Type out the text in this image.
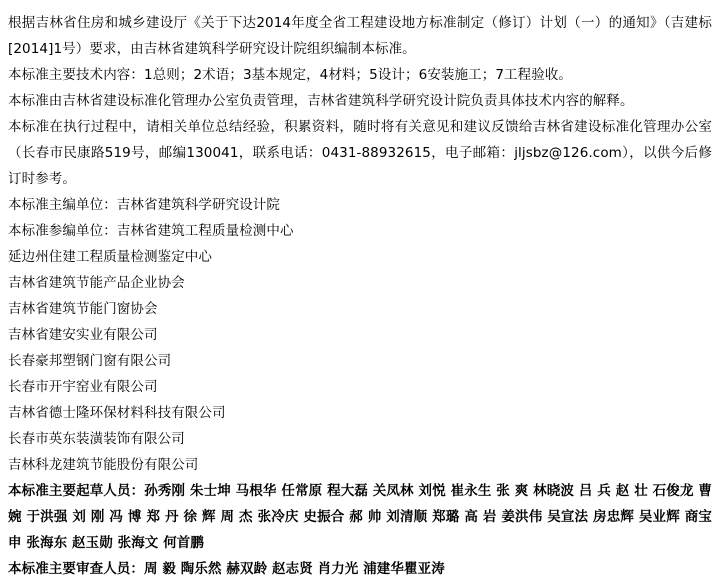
根据吉林省住房和城乡建设厅《关于下达2014年度全省工程建设地方标准制定（修订）计划（一）的通知》（吉建标[2014]1号）要求，由吉林省建筑科学研究设计院组织编制本标准。

本标准主要技术内容：1总则；2术语；3基本规定，4材料；5设计；6安装施工；7工程验收。

本标准由吉林省建设标准化管理办公室负责管理，吉林省建筑科学研究设计院负责具体技术内容的解释。

本标准在执行过程中，请相关单位总结经验，积累资料，随时将有关意见和建议反馈给吉林省建设标准化管理办公室（长春市民康路519号，邮编130041，联系电话：0431-88932615，电子邮箱：jljsbz@126.com），以供今后修订时参考。

本标准主编单位：吉林省建筑科学研究设计院

本标准参编单位：吉林省建筑工程质量检测中心

延边州住建工程质量检测鉴定中心

吉林省建筑节能产品企业协会

吉林省建筑节能门窗协会

吉林省建安实业有限公司

长春豪邦塑钢门窗有限公司

长春市开宇窑业有限公司

吉林省德士隆环保材料科技有限公司

长春市英东装潢装饰有限公司

吉林科龙建筑节能股份有限公司

本标准主要起草人员：孙秀刚 朱士坤 马根华 任常原 程大磊 关凤林 刘悦 崔永生 张 爽 林晓波 吕 兵 赵 壮 石俊龙 曹婉 于洪强 刘 刚 冯 博 郑 丹 徐 辉 周 杰 张冷庆 史振合 郝 帅 刘清顺 郑璐 高 岩 姜洪伟 吴宣法 房忠辉 吴业辉 商宝申 张海东 赵玉勋 张海文 何首鹏

本标准主要审查人员：周 毅 陶乐然 赫双龄 赵志贤 肖力光 浦建华瞿亚涛
